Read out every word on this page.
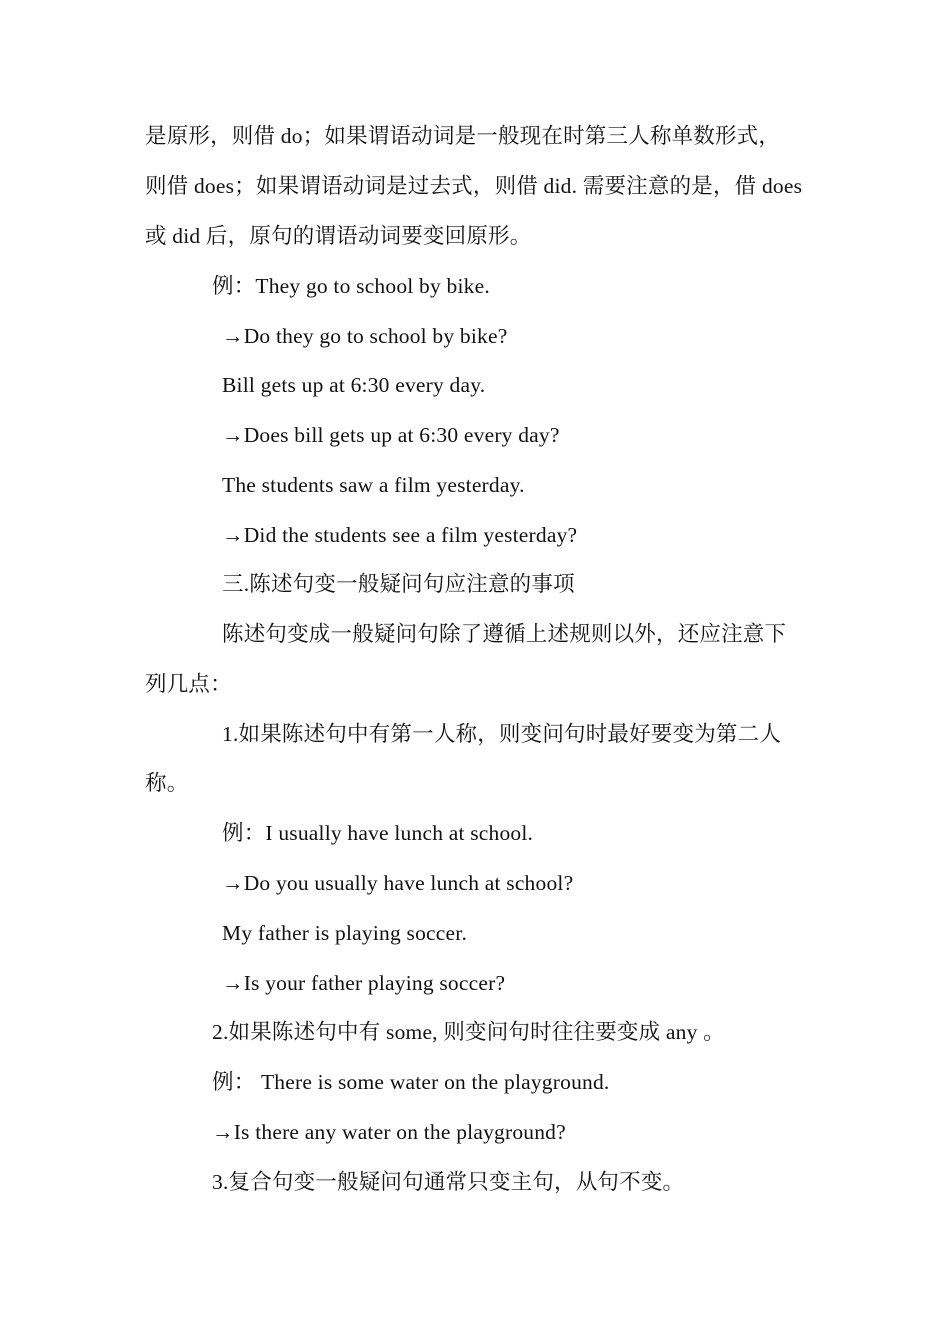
是原形，则借 do；如果谓语动词是一般现在时第三人称单数形式，
则借 does；如果谓语动词是过去式，则借 did. 需要注意的是，借 does
或 did 后，原句的谓语动词要变回原形。
例：They go to school by bike.
→Do they go to school by bike?
Bill gets up at 6:30 every day.
→Does bill gets up at 6:30 every day?
The students saw a film yesterday.
→Did the students see a film yesterday?
三.陈述句变一般疑问句应注意的事项
陈述句变成一般疑问句除了遵循上述规则以外，还应注意下
列几点：
1.如果陈述句中有第一人称，则变问句时最好要变为第二人
称。
例：I usually have lunch at school.
→Do you usually have lunch at school?
My father is playing soccer.
→Is your father playing soccer?
2.如果陈述句中有 some, 则变问句时往往要变成 any 。
例： There is some water on the playground.
→Is there any water on the playground?
3.复合句变一般疑问句通常只变主句，从句不变。
